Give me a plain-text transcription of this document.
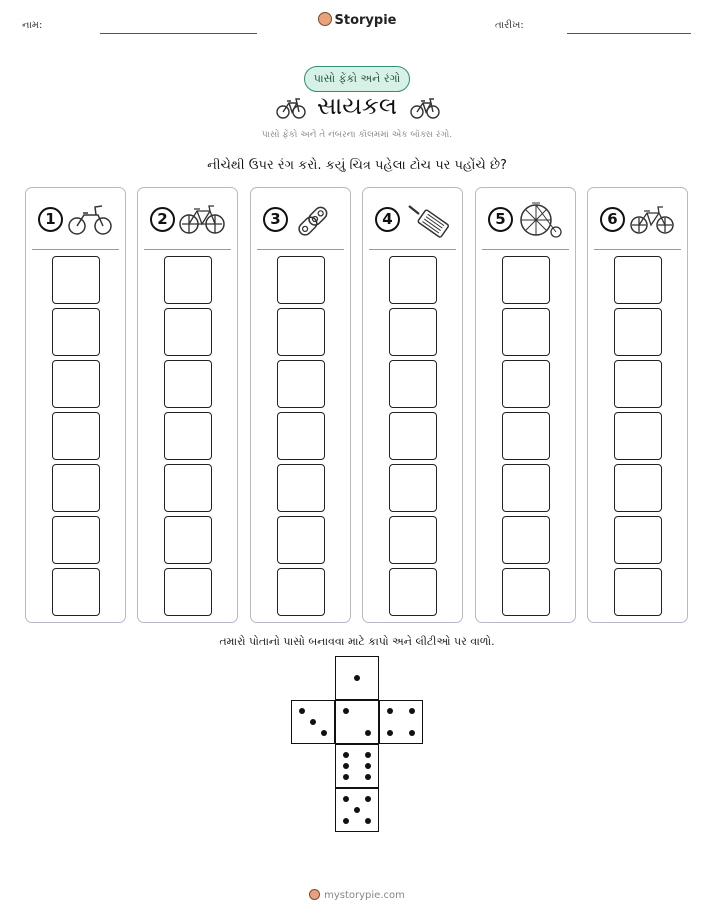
નામ:	Storypie	તારીખ:
પાસો ફેંકો અને રંગો
સાયકલ
પાસો ફેંકો અને તે નંબરના કૉલમમાં એક બૉક્સ રંગો.
નીચેથી ઉપર રંગ કરો. કયું ચિત્ર પહેલા ટોચ પર પહોંચે છે?
1	2	3	4	5	6
તમારો પોતાનો પાસો બનાવવા માટે કાપો અને લીટીઓ પર વાળો.
mystorypie.com
